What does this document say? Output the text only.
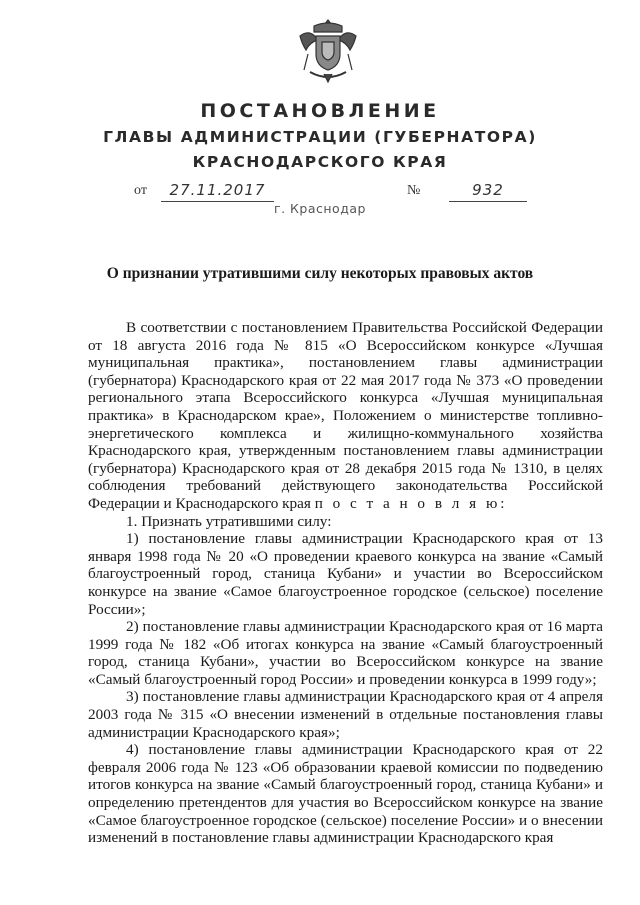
ПОСТАНОВЛЕНИЕ
ГЛАВЫ АДМИНИСТРАЦИИ (ГУБЕРНАТОРА)
КРАСНОДАРСКОГО КРАЯ
от	27.11.2017	№	932
г. Краснодар
О признании утратившими силу некоторых правовых актов

В соответствии с постановлением Правительства Российской Федерации от 18 августа 2016 года № 815 «О Всероссийском конкурсе «Лучшая муниципальная практика», постановлением главы администрации (губернатора) Краснодарского края от 22 мая 2017 года № 373 «О проведении регионального этапа Всероссийского конкурса «Лучшая муниципальная практика» в Краснодарском крае», Положением о министерстве топливно-энергетического комплекса и жилищно-коммунального хозяйства Краснодарского края, утвержденным постановлением главы администрации (губернатора) Краснодарского края от 28 декабря 2015 года № 1310, в целях соблюдения требований действующего законодательства Российской Федерации и Краснодарского края п о с т а н о в л я ю:

1. Признать утратившими силу:

1) постановление главы администрации Краснодарского края от 13 января 1998 года № 20 «О проведении краевого конкурса на звание «Самый благоустроенный город, станица Кубани» и участии во Всероссийском конкурсе на звание «Самое благоустроенное городское (сельское) поселение России»;

2) постановление главы администрации Краснодарского края от 16 марта 1999 года № 182 «Об итогах конкурса на звание «Самый благоустроенный город, станица Кубани», участии во Всероссийском конкурсе на звание «Самый благоустроенный город России» и проведении конкурса в 1999 году»;

3) постановление главы администрации Краснодарского края от 4 апреля 2003 года № 315 «О внесении изменений в отдельные постановления главы администрации Краснодарского края»;

4) постановление главы администрации Краснодарского края от 22 февраля 2006 года № 123 «Об образовании краевой комиссии по подведению итогов конкурса на звание «Самый благоустроенный город, станица Кубани» и определению претендентов для участия во Всероссийском конкурсе на звание «Самое благоустроенное городское (сельское) поселение России» и о внесении изменений в постановление главы администрации Краснодарского края
